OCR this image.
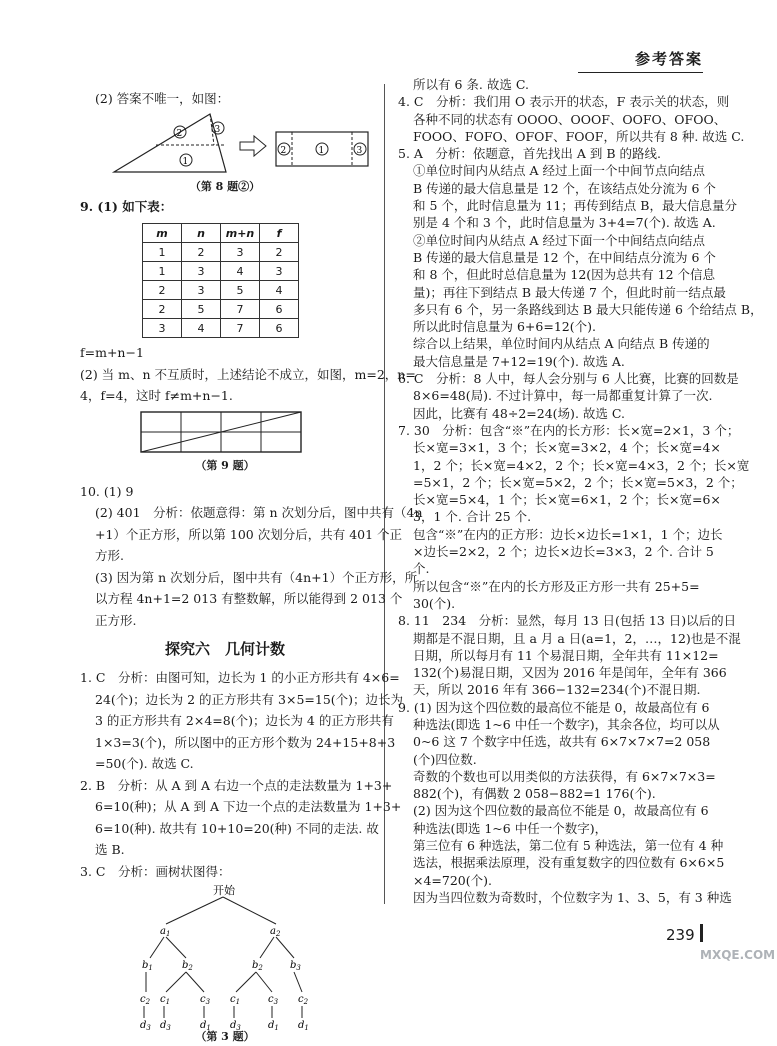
参考答案

(2) 答案不唯一，如图：

2	3
1
2	1	3

（第 8 题②）

9. (1) 如下表：

m	n	m+n	f
1	2	3	2
1	3	4	3
2	3	5	4
2	5	7	6
3	4	7	6

f=m+n−1

(2) 当 m、n 不互质时，上述结论不成立，如图，m=2，n=

4，f=4，这时 f≠m+n−1.

（第 9 题）

10. (1) 9

(2) 401　分析：依题意得：第 n 次划分后，图中共有（4n

+1）个正方形，所以第 100 次划分后，共有 401 个正

方形.

(3) 因为第 n 次划分后，图中共有（4n+1）个正方形，所

以方程 4n+1=2 013 有整数解，所以能得到 2 013 个

正方形.

探究六　几何计数

1. C　分析：由图可知，边长为 1 的小正方形共有 4×6=

24(个)；边长为 2 的正方形共有 3×5=15(个)；边长为

3 的正方形共有 2×4=8(个)；边长为 4 的正方形共有

1×3=3(个)，所以图中的正方形个数为 24+15+8+3

=50(个). 故选 C.

2. B　分析：从 A 到 A 右边一个点的走法数量为 1+3+

6=10(种)；从 A 到 A 下边一个点的走法数量为 1+3+

6=10(种). 故共有 10+10=20(种) 不同的走法. 故

选 B.

3. C　分析：画树状图得：

开始
$a_1$	$a_2$
$b_1$	$b_2$	$b_2$	$b_3$
$c_2$ $c_1$	$c_3$ $c_1$	$c_3$ $c_2$
$d_3$ $d_3$	$d_1$ $d_3$	$d_1$ $d_1$

（第 3 题）

所以有 6 条. 故选 C.

4. C　分析：我们用 O 表示开的状态，F 表示关的状态，则

各种不同的状态有 OOOO、OOOF、OOFO、OFOO、

FOOO、FOFO、OFOF、FOOF，所以共有 8 种. 故选 C.

5. A　分析：依题意，首先找出 A 到 B 的路线.

①单位时间内从结点 A 经过上面一个中间节点向结点

B 传递的最大信息量是 12 个，在该结点处分流为 6 个

和 5 个，此时信息量为 11；再传到结点 B，最大信息量分

别是 4 个和 3 个，此时信息量为 3+4=7(个). 故选 A.

②单位时间内从结点 A 经过下面一个中间结点向结点

B 传递的最大信息量是 12 个，在中间结点分流为 6 个

和 8 个，但此时总信息量为 12(因为总共有 12 个信息

量)；再往下到结点 B 最大传递 7 个，但此时前一结点最

多只有 6 个，另一条路线到达 B 最大只能传递 6 个给结点 B，

所以此时信息量为 6+6=12(个).

综合以上结果，单位时间内从结点 A 向结点 B 传递的

最大信息量是 7+12=19(个). 故选 A.

6. C　分析：8 人中，每人会分别与 6 人比赛，比赛的回数是

8×6=48(局). 不过计算中，每一局都重复计算了一次.

因此，比赛有 48÷2=24(场). 故选 C.

7. 30　分析：包含“※”在内的长方形：长×宽=2×1，3 个；

长×宽=3×1，3 个；长×宽=3×2，4 个；长×宽=4×

1，2 个；长×宽=4×2，2 个；长×宽=4×3，2 个；长×宽

=5×1，2 个；长×宽=5×2，2 个；长×宽=5×3，2 个；

长×宽=5×4，1 个；长×宽=6×1，2 个；长×宽=6×

3，1 个. 合计 25 个.

包含“※”在内的正方形：边长×边长=1×1，1 个；边长

×边长=2×2，2 个；边长×边长=3×3，2 个. 合计 5

个.

所以包含“※”在内的长方形及正方形一共有 25+5=

30(个).

8. 11　234　分析：显然，每月 13 日(包括 13 日)以后的日

期都是不混日期，且 a 月 a 日(a=1，2，…，12)也是不混

日期，所以每月有 11 个易混日期，全年共有 11×12=

132(个)易混日期，又因为 2016 年是闰年，全年有 366

天，所以 2016 年有 366−132=234(个)不混日期.

9. (1) 因为这个四位数的最高位不能是 0，故最高位有 6

种选法(即选 1~6 中任一个数字)，其余各位，均可以从

0~6 这 7 个数字中任选，故共有 6×7×7×7=2 058

(个)四位数.

奇数的个数也可以用类似的方法获得，有 6×7×7×3=

882(个)，有偶数 2 058−882=1 176(个).

(2) 因为这个四位数的最高位不能是 0，故最高位有 6

种选法(即选 1~6 中任一个数字)，

第三位有 6 种选法，第二位有 5 种选法，第一位有 4 种

选法，根据乘法原理，没有重复数字的四位数有 6×6×5

×4=720(个).

因为当四位数为奇数时，个位数字为 1、3、5，有 3 种选

239
MXQE.COM
